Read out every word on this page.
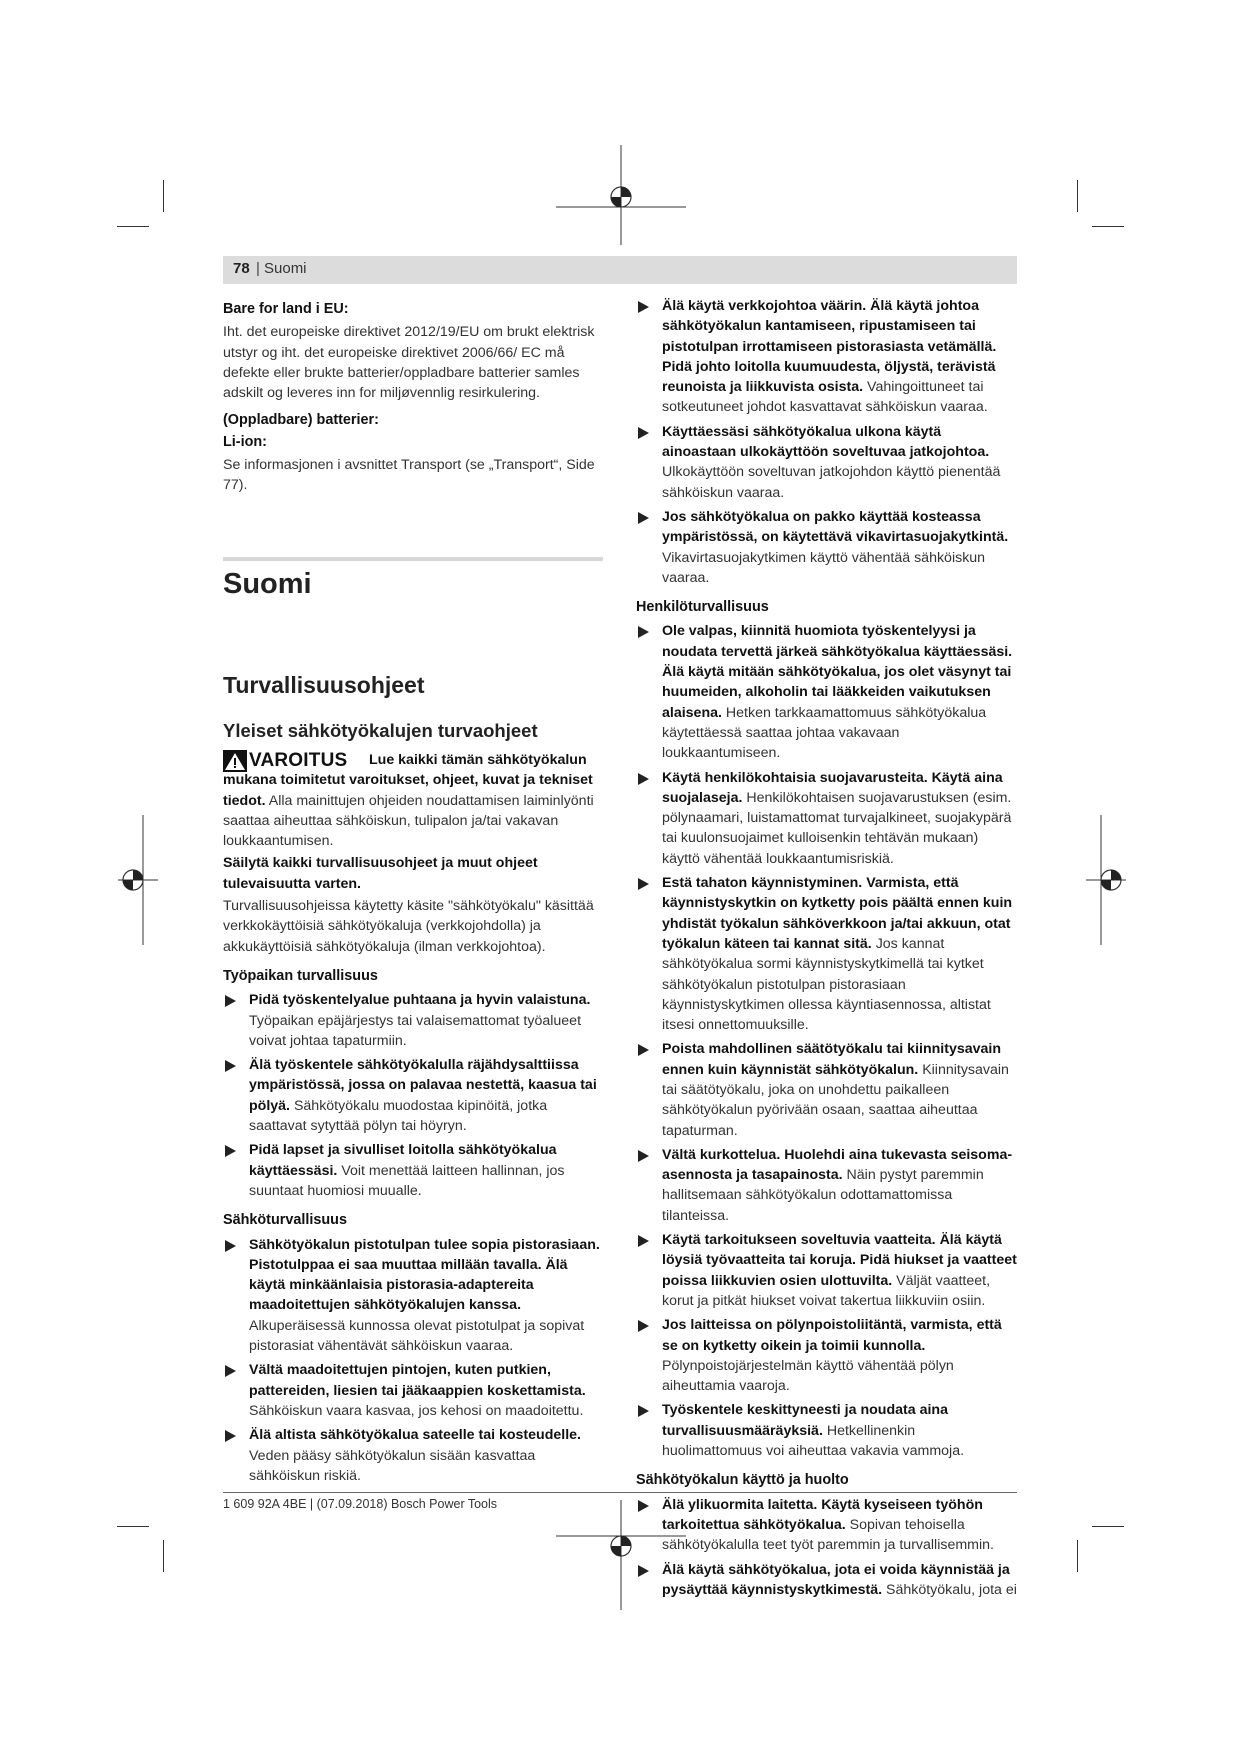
78 | Suomi

Bare for land i EU:

Iht. det europeiske direktivet 2012/19/EU om brukt elektrisk utstyr og iht. det europeiske direktivet 2006/66/ EC må defekte eller brukte batterier/oppladbare batterier samles adskilt og leveres inn for miljøvennlig resirkulering.

(Oppladbare) batterier:

Li-ion:

Se informasjonen i avsnittet Transport (se „Transport“, Side 77).

Suomi
Turvallisuusohjeet
Yleiset sähkötyökalujen turvaohjeet
VAROITUS	Lue kaikki tämän sähkötyökalun mukana toimitetut varoitukset, ohjeet, kuvat ja tekniset tiedot. Alla mainittujen ohjeiden noudattamisen laiminlyönti saattaa aiheuttaa sähköiskun, tulipalon ja/tai vakavan loukkaantumisen.

Säilytä kaikki turvallisuusohjeet ja muut ohjeet tulevaisuutta varten.

Turvallisuusohjeissa käytetty käsite "sähkötyökalu" käsittää verkkokäyttöisiä sähkötyökaluja (verkkojohdolla) ja akkukäyttöisiä sähkötyökaluja (ilman verkkojohtoa).

Työpaikan turvallisuus

Pidä työskentelyalue puhtaana ja hyvin valaistuna. Työpaikan epäjärjestys tai valaisemattomat työalueet voivat johtaa tapaturmiin.
Älä työskentele sähkötyökalulla räjähdysalttiissa ympäristössä, jossa on palavaa nestettä, kaasua tai pölyä. Sähkötyökalu muodostaa kipinöitä, jotka saattavat sytyttää pölyn tai höyryn.
Pidä lapset ja sivulliset loitolla sähkötyökalua käyttäessäsi. Voit menettää laitteen hallinnan, jos suuntaat huomiosi muualle.

Sähköturvallisuus

Sähkötyökalun pistotulpan tulee sopia pistorasiaan. Pistotulppaa ei saa muuttaa millään tavalla. Älä käytä minkäänlaisia pistorasia-adaptereita maadoitettujen sähkötyökalujen kanssa. Alkuperäisessä kunnossa olevat pistotulpat ja sopivat pistorasiat vähentävät sähköiskun vaaraa.
Vältä maadoitettujen pintojen, kuten putkien, pattereiden, liesien tai jääkaappien koskettamista. Sähköiskun vaara kasvaa, jos kehosi on maadoitettu.
Älä altista sähkötyökalua sateelle tai kosteudelle. Veden pääsy sähkötyökalun sisään kasvattaa sähköiskun riskiä.
Älä käytä verkkojohtoa väärin. Älä käytä johtoa sähkötyökalun kantamiseen, ripustamiseen tai pistotulpan irrottamiseen pistorasiasta vetämällä. Pidä johto loitolla kuumuudesta, öljystä, terävistä reunoista ja liikkuvista osista. Vahingoittuneet tai sotkeutuneet johdot kasvattavat sähköiskun vaaraa.
Käyttäessäsi sähkötyökalua ulkona käytä ainoastaan ulkokäyttöön soveltuvaa jatkojohtoa. Ulkokäyttöön soveltuvan jatkojohdon käyttö pienentää sähköiskun vaaraa.
Jos sähkötyökalua on pakko käyttää kosteassa ympäristössä, on käytettävä vikavirtasuojakytkintä. Vikavirtasuojakytkimen käyttö vähentää sähköiskun vaaraa.

Henkilöturvallisuus

Ole valpas, kiinnitä huomiota työskentelyysi ja noudata tervettä järkeä sähkötyökalua käyttäessäsi. Älä käytä mitään sähkötyökalua, jos olet väsynyt tai huumeiden, alkoholin tai lääkkeiden vaikutuksen alaisena. Hetken tarkkaamattomuus sähkötyökalua käytettäessä saattaa johtaa vakavaan loukkaantumiseen.
Käytä henkilökohtaisia suojavarusteita. Käytä aina suojalaseja. Henkilökohtaisen suojavarustuksen (esim. pölynaamari, luistamattomat turvajalkineet, suojakypärä tai kuulonsuojaimet kulloisenkin tehtävän mukaan) käyttö vähentää loukkaantumisriskiä.
Estä tahaton käynnistyminen. Varmista, että käynnistyskytkin on kytketty pois päältä ennen kuin yhdistät työkalun sähköverkkoon ja/tai akkuun, otat työkalun käteen tai kannat sitä. Jos kannat sähkötyökalua sormi käynnistyskytkimellä tai kytket sähkötyökalun pistotulpan pistorasiaan käynnistyskytkimen ollessa käyntiasennossa, altistat itsesi onnettomuuksille.
Poista mahdollinen säätötyökalu tai kiinnitysavain ennen kuin käynnistät sähkötyökalun. Kiinnitysavain tai säätötyökalu, joka on unohdettu paikalleen sähkötyökalun pyörivään osaan, saattaa aiheuttaa tapaturman.
Vältä kurkottelua. Huolehdi aina tukevasta seisoma-asennosta ja tasapainosta. Näin pystyt paremmin hallitsemaan sähkötyökalun odottamattomissa tilanteissa.
Käytä tarkoitukseen soveltuvia vaatteita. Älä käytä löysiä työvaatteita tai koruja. Pidä hiukset ja vaatteet poissa liikkuvien osien ulottuvilta. Väljät vaatteet, korut ja pitkät hiukset voivat takertua liikkuviin osiin.
Jos laitteissa on pölynpoistoliitäntä, varmista, että se on kytketty oikein ja toimii kunnolla. Pölynpoistojärjestelmän käyttö vähentää pölyn aiheuttamia vaaroja.
Työskentele keskittyneesti ja noudata aina turvallisuusmääräyksiä. Hetkellinenkin huolimattomuus voi aiheuttaa vakavia vammoja.

Sähkötyökalun käyttö ja huolto

Älä ylikuormita laitetta. Käytä kyseiseen työhön tarkoitettua sähkötyökalua. Sopivan tehoisella sähkötyökalulla teet työt paremmin ja turvallisemmin.
Älä käytä sähkötyökalua, jota ei voida käynnistää ja pysäyttää käynnistyskytkimestä. Sähkötyökalu, jota ei
1 609 92A 4BE | (07.09.2018) Bosch Power Tools
